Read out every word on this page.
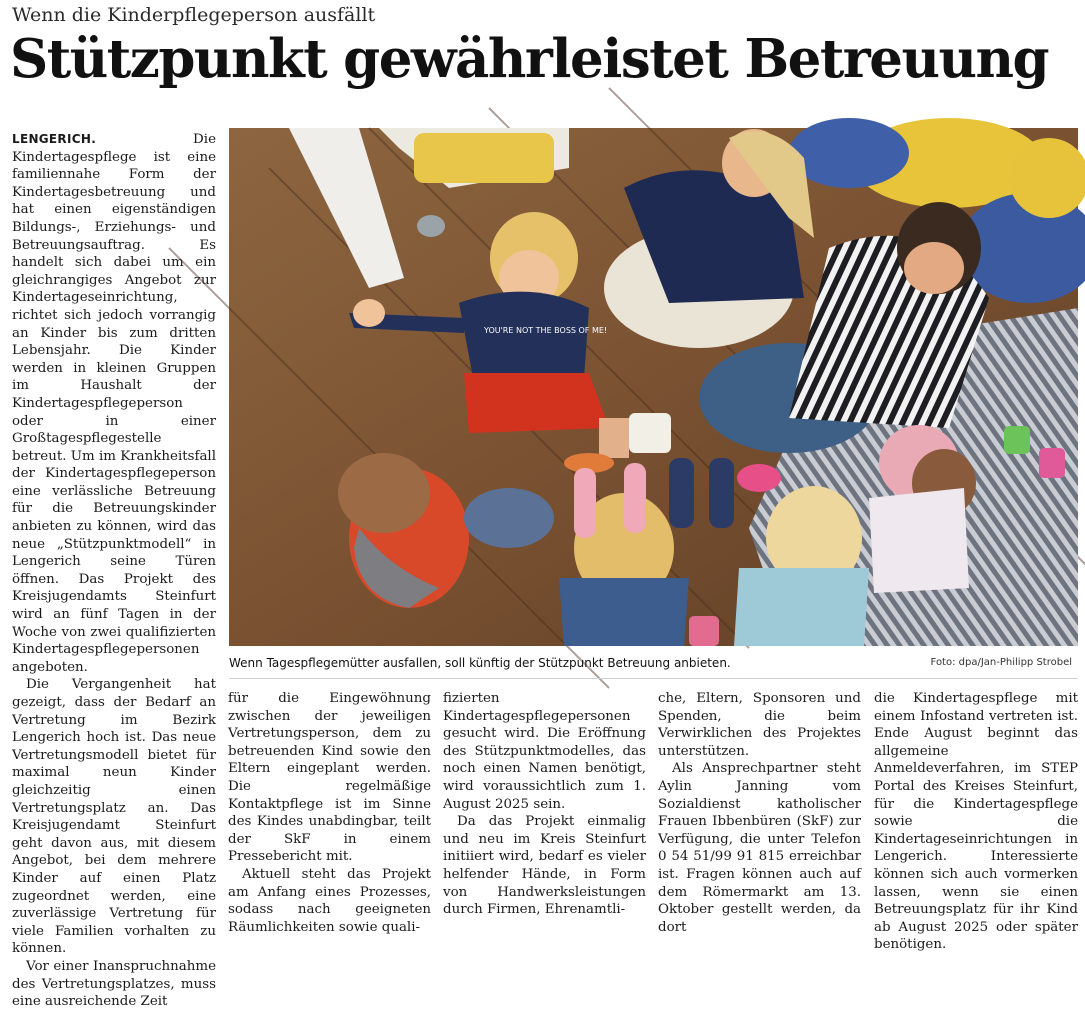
Wenn die Kinderpflegeperson ausfällt
Stützpunkt gewährleistet Betreuung

LENGERICH.	Die Kindertagespflege ist eine familiennahe Form der Kindertagesbetreuung und hat einen eigenständigen Bildungs-, Erziehungs- und Betreuungsauftrag. Es handelt sich dabei um ein gleichrangiges Angebot zur Kindertageseinrichtung, richtet sich jedoch vorrangig an Kinder bis zum dritten Lebensjahr. Die Kinder werden in kleinen Gruppen im Haushalt der Kindertagespflegeperson oder in einer Großtagespflegestelle betreut. Um im Krankheitsfall der Kindertagespflegeperson eine verlässliche Betreuung für die Betreuungskinder anbieten zu können, wird das neue „Stützpunktmodell“ in Lengerich seine Türen öffnen. Das Projekt des Kreisjugendamts Steinfurt wird an fünf Tagen in der Woche von zwei qualifizierten Kindertagespflegepersonen angeboten.

Die Vergangenheit hat gezeigt, dass der Bedarf an Vertretung im Bezirk Lengerich hoch ist. Das neue Vertretungsmodell bietet für maximal neun Kinder gleichzeitig einen Vertretungsplatz an. Das Kreisjugendamt Steinfurt geht davon aus, mit diesem Angebot, bei dem mehrere Kinder auf einen Platz zugeordnet werden, eine zuverlässige Vertretung für viele Familien vorhalten zu können.

Vor einer Inanspruchnahme des Vertretungsplatzes, muss eine ausreichende Zeit

YOU'RE NOT THE BOSS OF ME!
Wenn Tagespflegemütter ausfallen, soll künftig der Stützpunkt Betreuung anbieten.	Foto: dpa/Jan-Philipp Strobel

für die Eingewöhnung zwischen der jeweiligen Vertretungsperson, dem zu betreuenden Kind sowie den Eltern eingeplant werden. Die regelmäßige Kontaktpflege ist im Sinne des Kindes unabdingbar, teilt der SkF in einem Pressebericht mit.

Aktuell steht das Projekt am Anfang eines Prozesses, sodass nach geeigneten Räumlichkeiten sowie quali-

fizierten Kindertagespflegepersonen gesucht wird. Die Eröffnung des Stützpunktmodelles, das noch einen Namen benötigt, wird voraussichtlich zum 1. August 2025 sein.

Da das Projekt einmalig und neu im Kreis Steinfurt initiiert wird, bedarf es vieler helfender Hände, in Form von Handwerksleistungen durch Firmen, Ehrenamtli-

che, Eltern, Sponsoren und Spenden, die beim Verwirklichen des Projektes unterstützen.

Als Ansprechpartner steht Aylin Janning vom Sozialdienst katholischer Frauen Ibbenbüren (SkF) zur Verfügung, die unter Telefon 0 54 51/99 91 815 erreichbar ist. Fragen können auch auf dem Römermarkt am 13. Oktober gestellt werden, da dort

die Kindertagespflege mit einem Infostand vertreten ist. Ende August beginnt das allgemeine Anmeldeverfahren, im STEP Portal des Kreises Steinfurt, für die Kindertagespflege sowie die Kindertageseinrichtungen in Lengerich. Interessierte können sich auch vormerken lassen, wenn sie einen Betreuungsplatz für ihr Kind ab August 2025 oder später benötigen.
